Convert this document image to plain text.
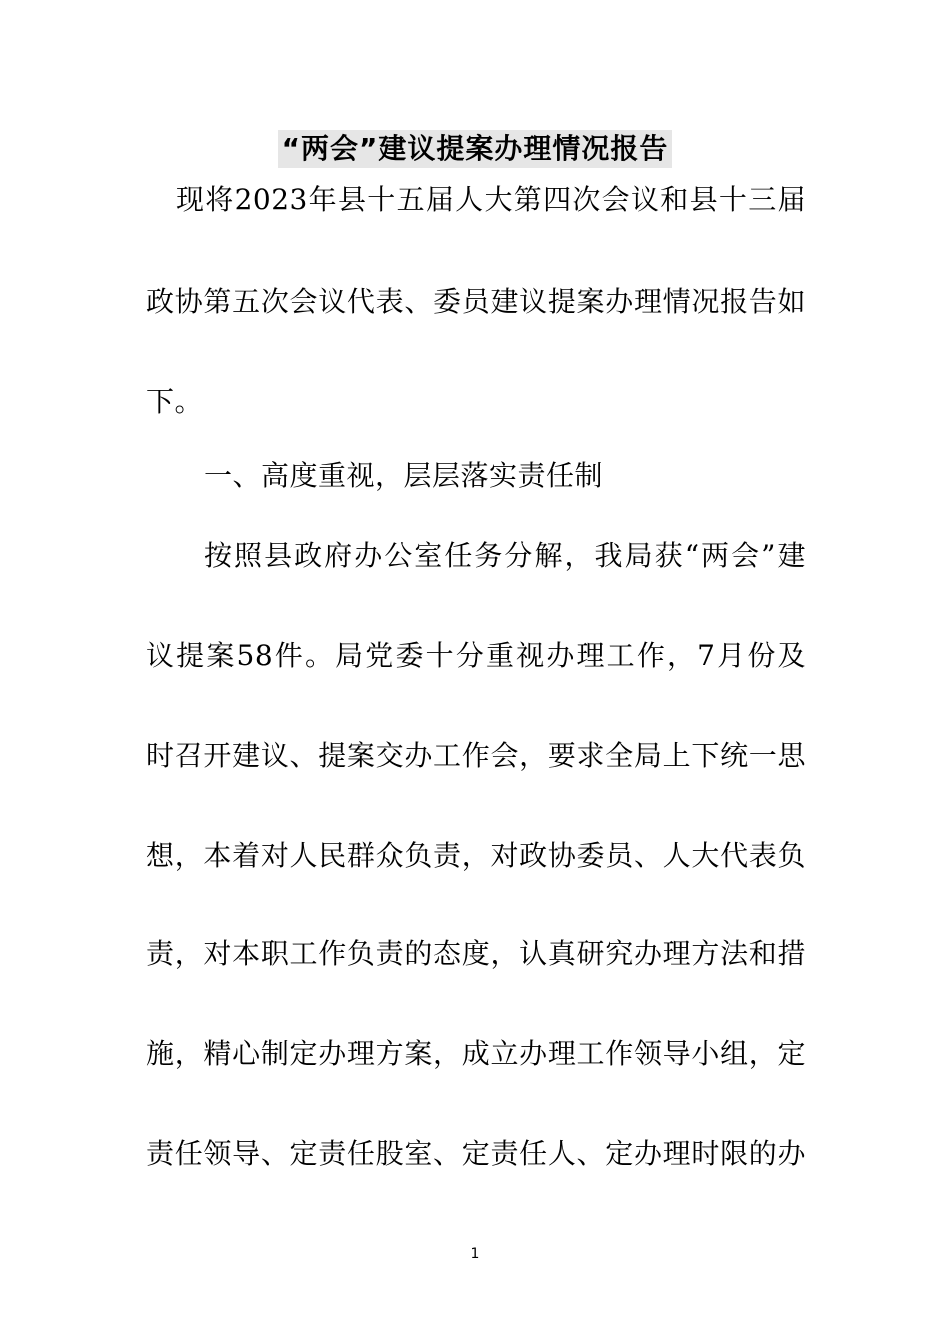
“两会”建议提案办理情况报告
现将2023年县十五届人大第四次会议和县十三届
政协第五次会议代表、委员建议提案办理情况报告如
下。
一、高度重视，层层落实责任制
按照县政府办公室任务分解，我局获“两会”建
议提案58件。局党委十分重视办理工作，7月份及
时召开建议、提案交办工作会，要求全局上下统一思
想，本着对人民群众负责，对政协委员、人大代表负
责，对本职工作负责的态度，认真研究办理方法和措
施，精心制定办理方案，成立办理工作领导小组，定
责任领导、定责任股室、定责任人、定办理时限的办
1
